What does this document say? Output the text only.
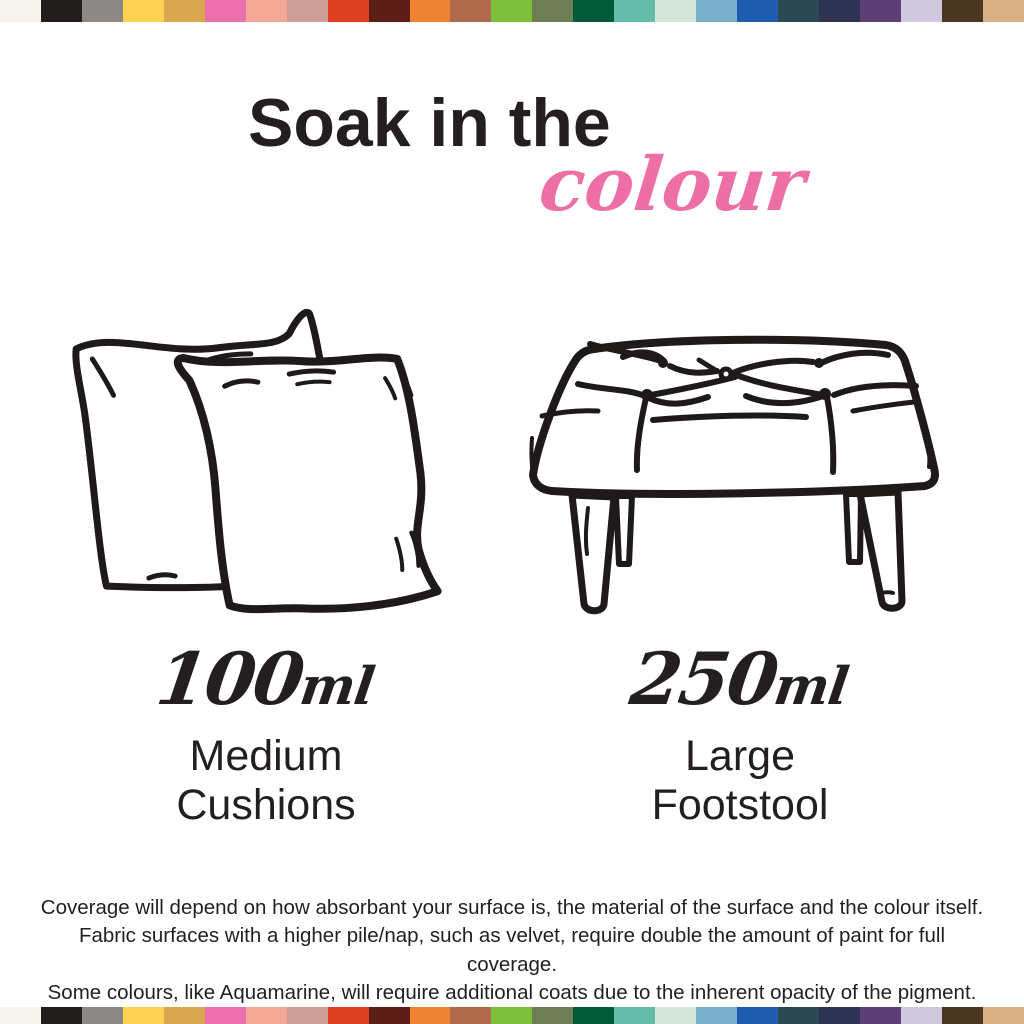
Soak in the
colour
100ml
Medium
Cushions
250ml
Large
Footstool
Coverage will depend on how absorbant your surface is, the material of the surface and the colour itself.
Fabric surfaces with a higher pile/nap, such as velvet, require double the amount of paint for full coverage.
Some colours, like Aquamarine, will require additional coats due to the inherent opacity of the pigment.
